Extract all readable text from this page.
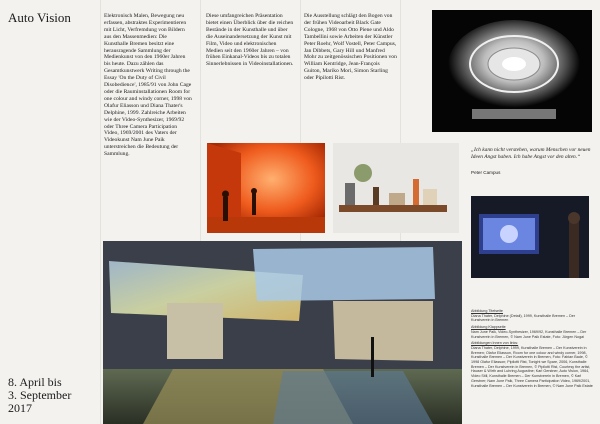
Auto Vision
8. April bis
3. September
2017

Elektronisch Malen, Bewegung neu erfassen, abstraktes Experimentieren mit Licht, Verfremdung von Bildern aus den Massenmedien: Die Kunsthalle Bremen besitzt eine herausragende Sammlung der Medienkunst von den 1960er Jahren bis heute. Dazu zählen das Gesamtkunstwerk Writing through the Essay 'On the Duty of Civil Disobedience', 1985/91 von John Cage oder die Rauminstallationen Room for one colour and windy corner, 1998 von Olafur Eliasson und Diana Thater's Delphine, 1999. Zahlreiche Arbeiten wie der Video-Synthesizer, 1969/92 oder Three Camera Participation Video, 1969/2001 des Vaters der Videokunst Nam June Paik unterstreichen die Bedeutung der Sammlung.

Diese umfangreichen Präsentation bietet einen Überblick über die reichen Bestände in der Kunsthalle und über die Auseinandersetzung der Kunst mit Film, Video und elektronischen Medien seit den 1960er Jahren – von frühen Einkanal-Videos bis zu totalen Sinnerlebnissen in Videoinstallationen.

Die Ausstellung schlägt den Bogen von der frühen Videoarbeit Black Gate Cologne, 1968 von Otto Piene und Aldo Tambellini sowie Arbeiten der Künstler Peter Roehr, Wolf Vostell, Peter Campus, Jan Dibbets, Gary Hill und Manfred Mohr zu zeitgenössischen Positionen von William Kentridge, Jean-François Guiton, Mariko Mori, Simon Starling oder Pipilotti Rist.

„Ich kann nicht verstehen, warum Menschen vor neuen Ideen Angst haben. Ich habe Angst vor den alten.“
Peter Campus
Abbildung Titelseite
Diana Thater, Delphine (Detail), 1999, Kunsthalle Bremen – Der Kunstverein in Bremen
Abbildung Klappseite
Nam June Paik, Video-Synthesizer, 1969/92, Kunsthalle Bremen – Der Kunstverein in Bremen, © Nam June Paik Estate, Foto: Jürgen Nogai
Abbildungen Innen von links:
Diana Thater, Delphine, 1999, Kunsthalle Bremen – Der Kunstverein in Bremen; Olafur Eliasson, Room for one colour and windy corner, 1998, Kunsthalle Bremen – Der Kunstverein in Bremen, Foto: Fabian Bade, © 1998 Olafur Eliasson; Pipilotti Rist, Tonight we Spare, 2006, Kunsthalle Bremen – Der Kunstverein in Bremen, © Pipilotti Rist, Courtesy the artist, Hauser & Wirth and Luhring Augustine; Karl Gerstner, Auto Vision, 1964, Video Still, Kunsthalle Bremen – Der Kunstverein in Bremen, © Karl Gerstner; Nam June Paik, Three Camera Participation Video, 1969/2001, Kunsthalle Bremen – Der Kunstverein in Bremen, © Nam June Paik Estate
